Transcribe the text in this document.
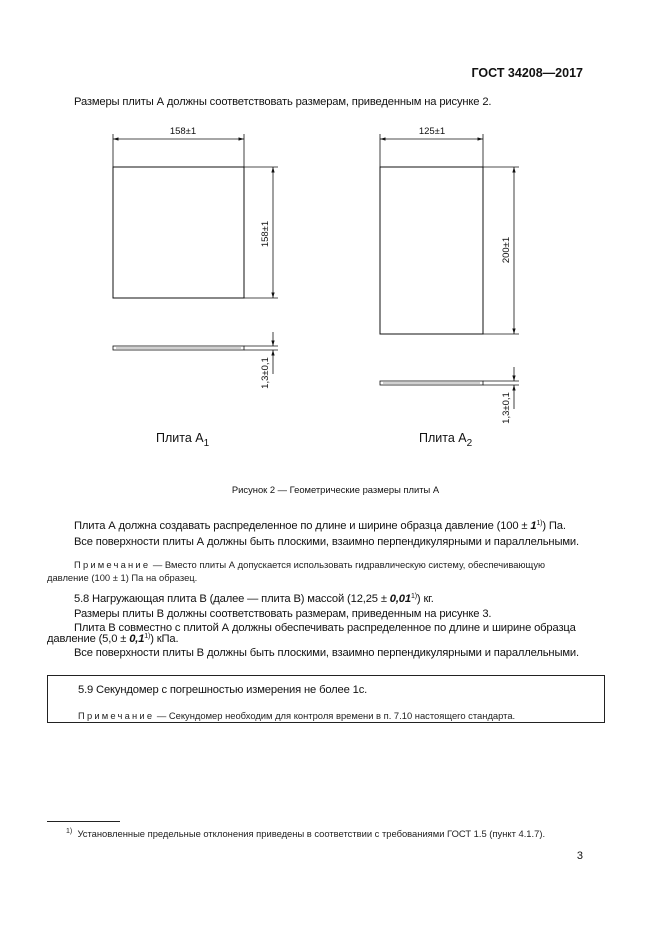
ГОСТ 34208—2017
Размеры плиты А должны соответствовать размерам, приведенным на рисунке 2.
158±1
158±1
1,3±0,1
125±1
200±1
1,3±0,1
Плита $А_1$	Плита $А_2$
Рисунок 2 — Геометрические размеры плиты А
Плита А должна создавать распределенное по длине и ширине образца давление $(100 \pm 1^{1)})$ Па.
Все поверхности плиты А должны быть плоскими, взаимно перпендикулярными и параллельными.
Примечание — Вместо плиты А допускается использовать гидравлическую систему, обеспечивающую
давление (100 ± 1) Па на образец.
5.8 Нагружающая плита В (далее — плита В) массой $(12,25 \pm 0,01^{1)})$ кг.
Размеры плиты В должны соответствовать размерам, приведенным на рисунке 3.
Плита В совместно с плитой А должны обеспечивать распределенное по длине и ширине образца
давление $(5,0 \pm 0,1^{1)})$ кПа.
Все поверхности плиты В должны быть плоскими, взаимно перпендикулярными и параллельными.
5.9 Секундомер с погрешностью измерения не более 1с.
Примечание — Секундомер необходим для контроля времени в п. 7.10 настоящего стандарта.
$^{1)}$ Установленные предельные отклонения приведены в соответствии с требованиями ГОСТ 1.5 (пункт 4.1.7).
3
